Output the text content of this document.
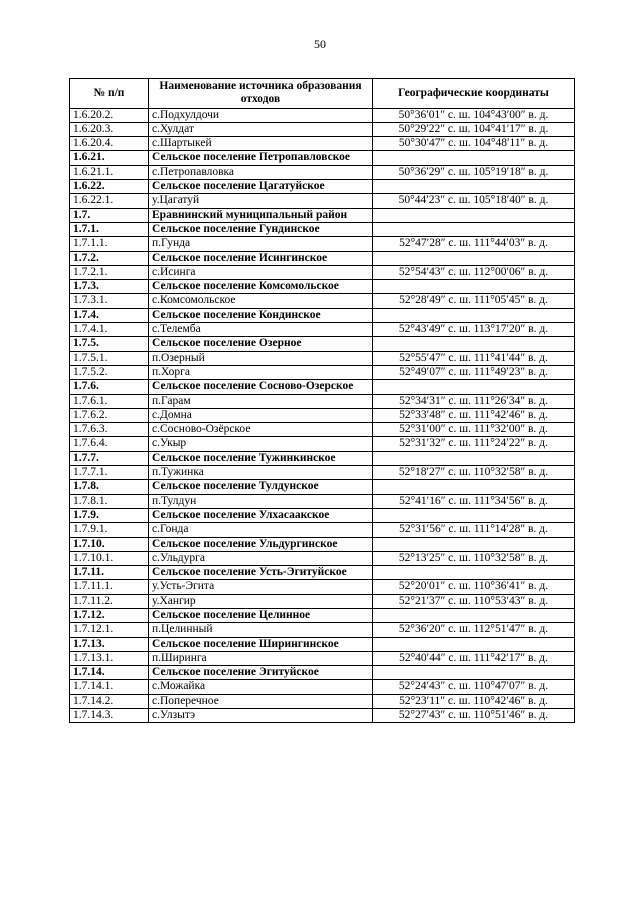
50
№ п/п	Наименование источника образования отходов	Географические координаты
1.6.20.2.	с.Подхулдочи	50°36′01″ с. ш. 104°43′00″ в. д.
1.6.20.3.	с.Хулдат	50°29′22″ с. ш. 104°41′17″ в. д.
1.6.20.4.	с.Шартыкей	50°30′47″ с. ш. 104°48′11″ в. д.
1.6.21.	Сельское поселение Петропавловское	
1.6.21.1.	с.Петропавловка	50°36′29″ с. ш. 105°19′18″ в. д.
1.6.22.	Сельское поселение Цагатуйское	
1.6.22.1.	у.Цагатуй	50°44′23″ с. ш. 105°18′40″ в. д.
1.7.	Еравнинский муниципальный район	
1.7.1.	Сельское поселение Гундинское	
1.7.1.1.	п.Гунда	52°47′28″ с. ш. 111°44′03″ в. д.
1.7.2.	Сельское поселение Исингинское	
1.7.2.1.	с.Исинга	52°54′43″ с. ш. 112°00′06″ в. д.
1.7.3.	Сельское поселение Комсомольское	
1.7.3.1.	с.Комсомольское	52°28′49″ с. ш. 111°05′45″ в. д.
1.7.4.	Сельское поселение Кондинское	
1.7.4.1.	с.Телемба	52°43′49″ с. ш. 113°17′20″ в. д.
1.7.5.	Сельское поселение Озерное	
1.7.5.1.	п.Озерный	52°55′47″ с. ш. 111°41′44″ в. д.
1.7.5.2.	п.Хорга	52°49′07″ с. ш. 111°49′23″ в. д.
1.7.6.	Сельское поселение Сосново-Озерское	
1.7.6.1.	п.Гарам	52°34′31″ с. ш. 111°26′34″ в. д.
1.7.6.2.	с.Домна	52°33′48″ с. ш. 111°42′46″ в. д.
1.7.6.3.	с.Сосново-Озёрское	52°31′00″ с. ш. 111°32′00″ в. д.
1.7.6.4.	с.Укыр	52°31′32″ с. ш. 111°24′22″ в. д.
1.7.7.	Сельское поселение Тужинкинское	
1.7.7.1.	п.Тужинка	52°18′27″ с. ш. 110°32′58″ в. д.
1.7.8.	Сельское поселение Тулдунское	
1.7.8.1.	п.Тулдун	52°41′16″ с. ш. 111°34′56″ в. д.
1.7.9.	Сельское поселение Улхасаакское	
1.7.9.1.	с.Гонда	52°31′56″ с. ш. 111°14′28″ в. д.
1.7.10.	Сельское поселение Ульдургинское	
1.7.10.1.	с.Ульдурга	52°13′25″ с. ш. 110°32′58″ в. д.
1.7.11.	Сельское поселение Усть-Эгитуйское	
1.7.11.1.	у.Усть-Эгита	52°20′01″ с. ш. 110°36′41″ в. д.
1.7.11.2.	у.Хангир	52°21′37″ с. ш. 110°53′43″ в. д.
1.7.12.	Сельское поселение Целинное	
1.7.12.1.	п.Целинный	52°36′20″ с. ш. 112°51′47″ в. д.
1.7.13.	Сельское поселение Ширингинское	
1.7.13.1.	п.Ширинга	52°40′44″ с. ш. 111°42′17″ в. д.
1.7.14.	Сельское поселение Эгитуйское	
1.7.14.1.	с.Можайка	52°24′43″ с. ш. 110°47′07″ в. д.
1.7.14.2.	с.Поперечное	52°23′11″ с. ш. 110°42′46″ в. д.
1.7.14.3.	с.Улзытэ	52°27′43″ с. ш. 110°51′46″ в. д.
